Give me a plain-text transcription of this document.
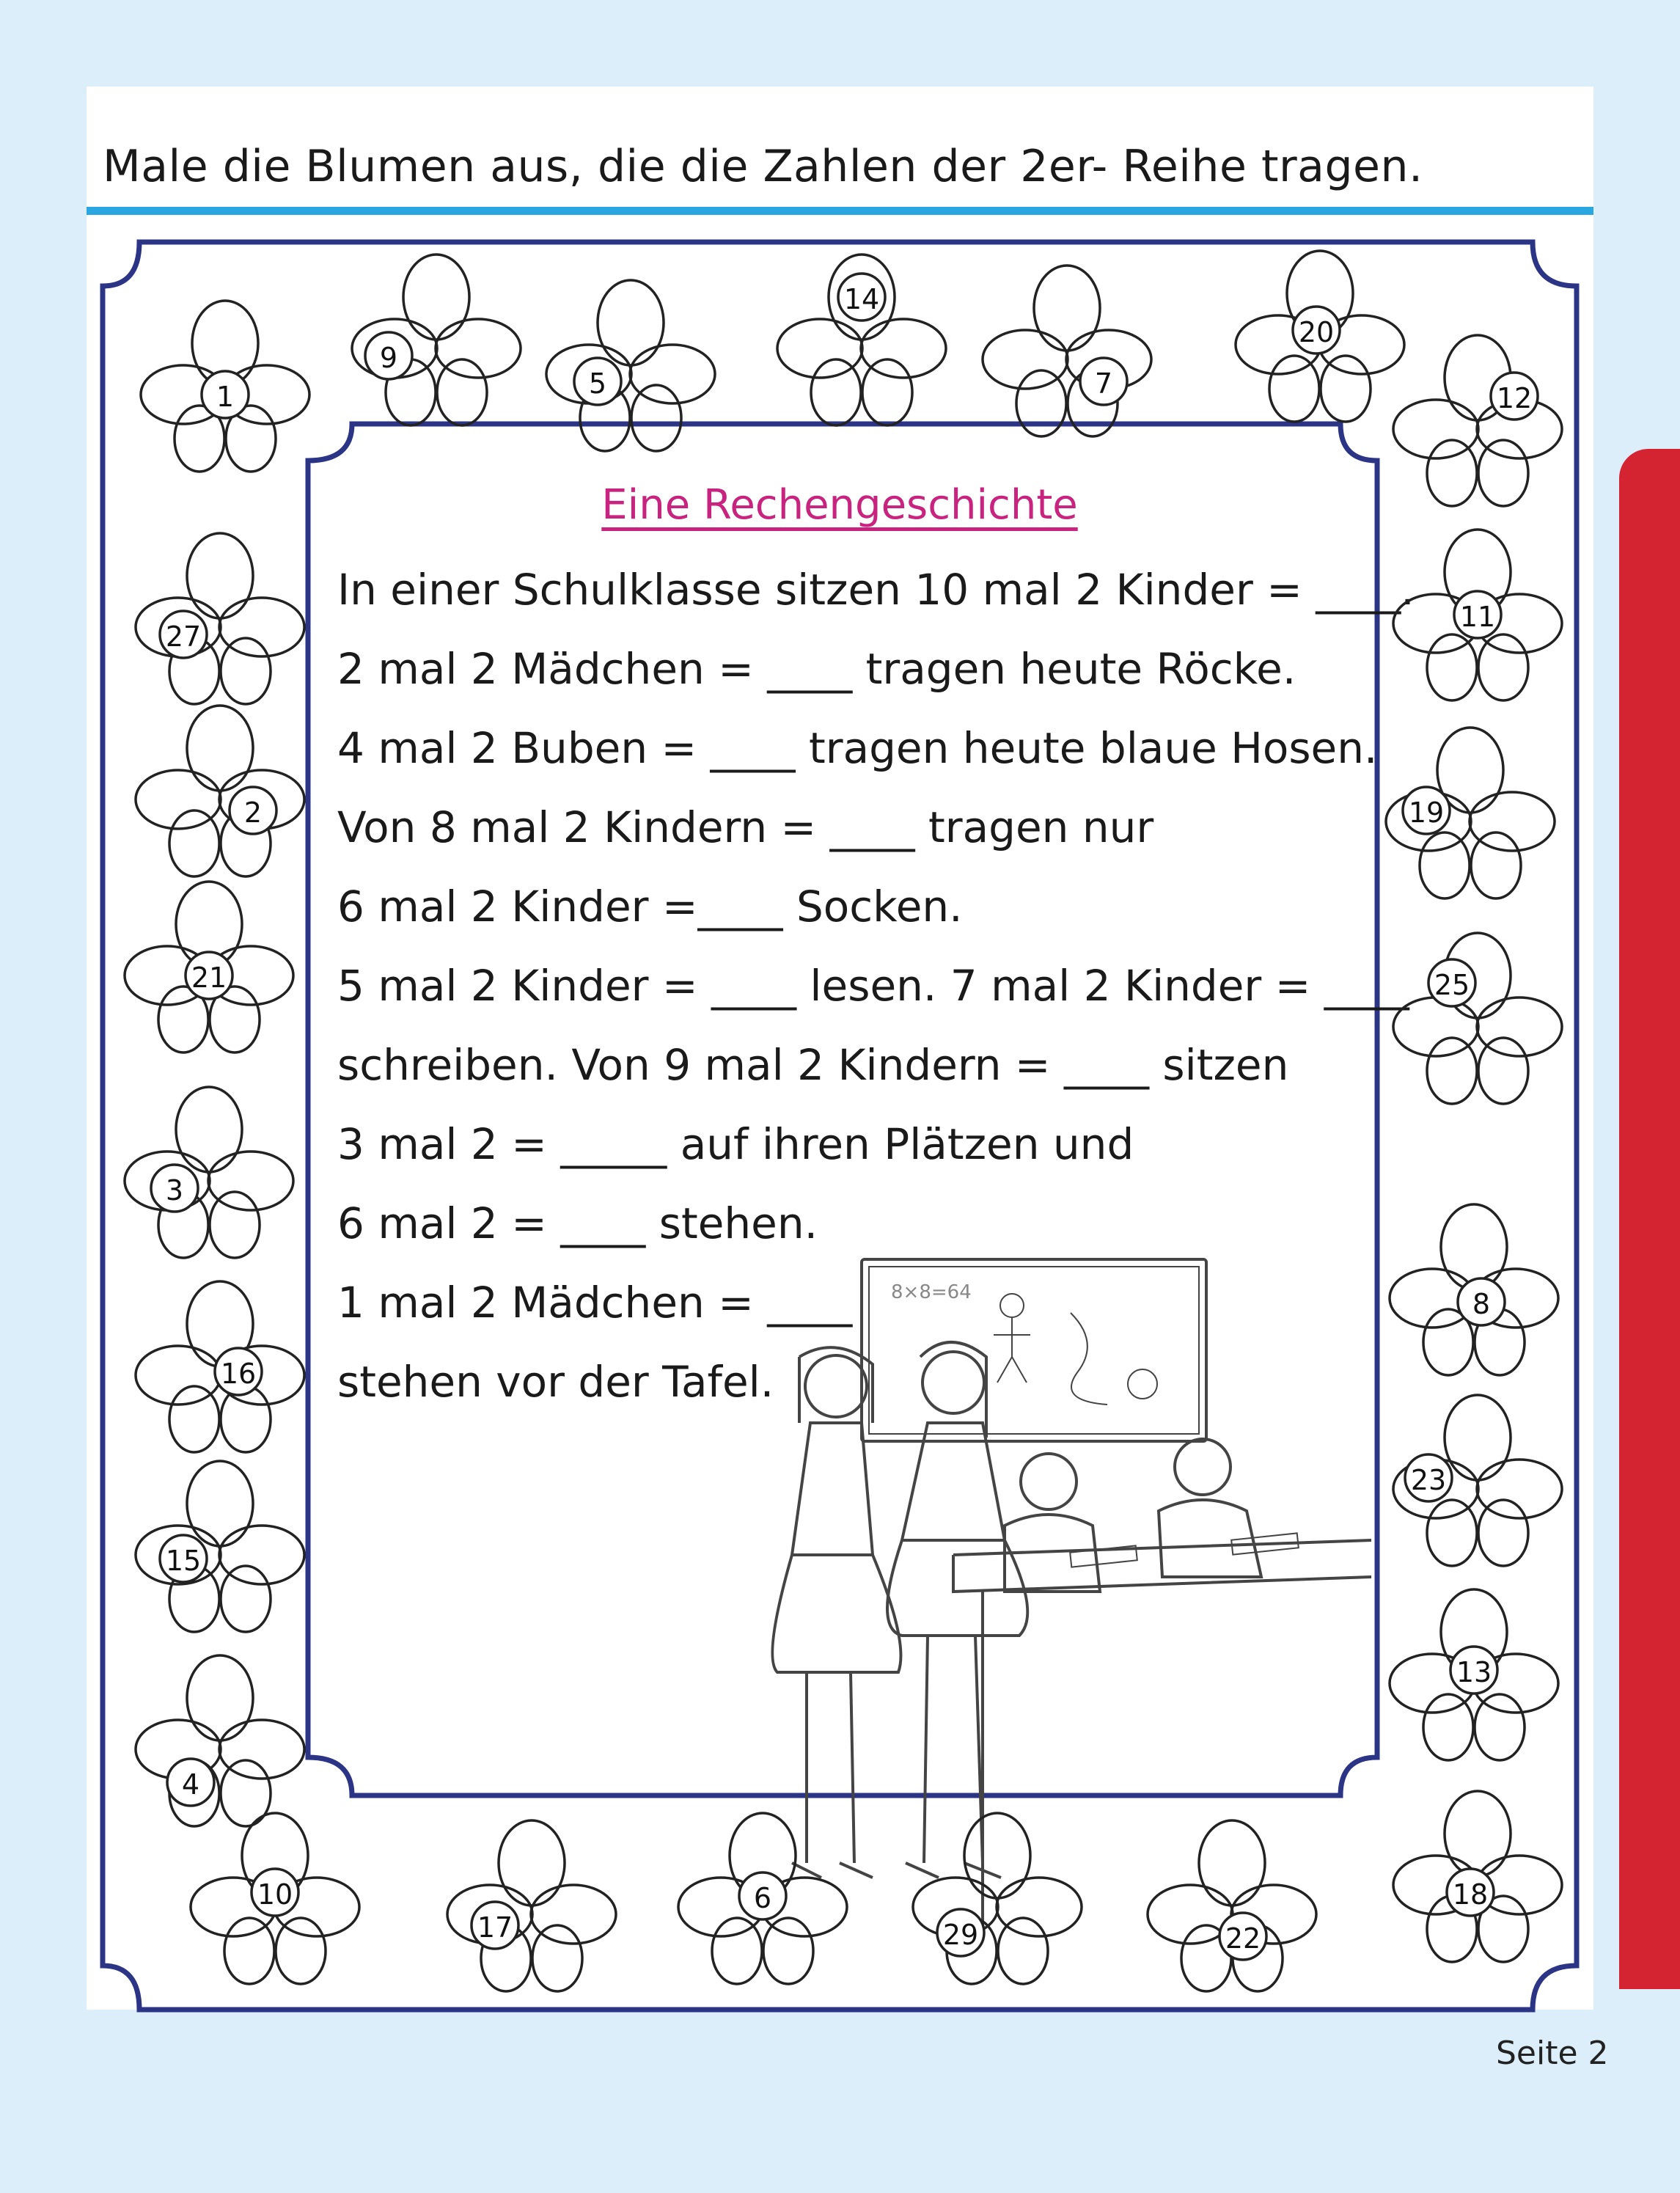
Male die Blumen aus, die die Zahlen der 2er- Reihe tragen.
Eine Rechengeschichte
In einer Schulklasse sitzen 10 mal 2 Kinder = ____.
2 mal 2 Mädchen = ____ tragen heute Röcke.
4 mal 2 Buben = ____ tragen heute blaue Hosen.
Von 8 mal 2 Kindern = ____ tragen nur
6 mal 2 Kinder =____ Socken.
5 mal 2 Kinder = ____ lesen. 7 mal 2 Kinder = ____
schreiben. Von 9 mal 2 Kindern = ____ sitzen
3 mal 2 = _____ auf ihren Plätzen und
6 mal 2 = ____ stehen.
1 mal 2 Mädchen = ____
stehen vor der Tafel.
8×8=64
1
9
5
14
7
20
12
27
2
21
3
16
15
4
11
19
25
8
23
13
18
10
17
6
29	22

Seite 2
